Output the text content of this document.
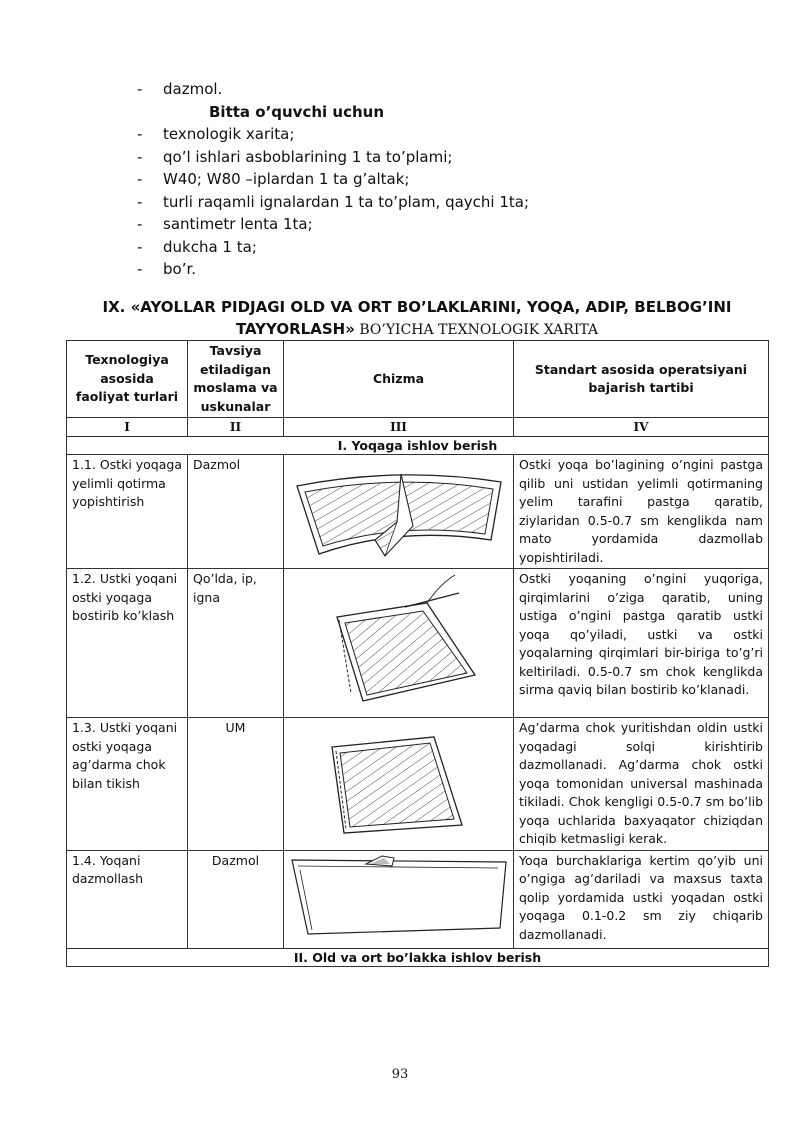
-	dazmol.
Bitta o’quvchi uchun
-	texnologik xarita;
-	qo’l ishlari asboblarining 1 ta to’plami;
-	W40; W80 –iplardan 1 ta g’altak;
-	turli raqamli ignalardan 1 ta to’plam, qaychi 1ta;
-	santimetr lenta 1ta;
-	dukcha 1 ta;
-	bo’r.
IX. «AYOLLAR PIDJAGI OLD VA ORT BO’LAKLARINI, YOQA, ADIP, BELBOG’INI
TAYYORLASH» BO’YICHA TEXNOLOGIK XARITA
Texnologiya asosida faoliyat turlari	Tavsiya etiladigan moslama va uskunalar	Chizma	Standart asosida operatsiyani bajarish tartibi
I	II	III	IV
I. Yoqaga ishlov berish			
1.1. Ostki yoqaga yelimli qotirma yopishtirish	Dazmol		Ostki yoqa bo’lagining o’ngini pastga qilib uni ustidan yelimli qotirmaning yelim tarafini pastga qaratib, ziylaridan 0.5-0.7 sm kenglikda nam mato yordamida dazmollab yopishtiriladi.
1.2. Ustki yoqani ostki yoqaga bostirib ko’klash	Qo’lda, ip, igna		Ostki yoqaning o’ngini yuqoriga, qirqimlarini o’ziga qaratib, uning ustiga o’ngini pastga qaratib ustki yoqa qo’yiladi, ustki va ostki yoqalarning qirqimlari bir-biriga to’g’ri keltiriladi. 0.5-0.7 sm chok kenglikda sirma qaviq bilan bostirib ko’klanadi.
1.3. Ustki yoqani ostki yoqaga ag’darma chok bilan tikish	UM		Ag’darma chok yuritishdan oldin ustki yoqadagi solqi kirishtirib dazmollanadi. Ag’darma chok ostki yoqa tomonidan universal mashinada tikiladi. Chok kengligi 0.5-0.7 sm bo’lib yoqa uchlarida baxyaqator chiziqdan chiqib ketmasligi kerak.
1.4. Yoqani dazmollash	Dazmol		Yoqa burchaklariga kertim qo’yib uni o’ngiga ag’dariladi va maxsus taxta qolip yordamida ustki yoqadan ostki yoqaga 0.1-0.2 sm ziy chiqarib dazmollanadi.
II. Old va ort bo’lakka ishlov berish			
93
